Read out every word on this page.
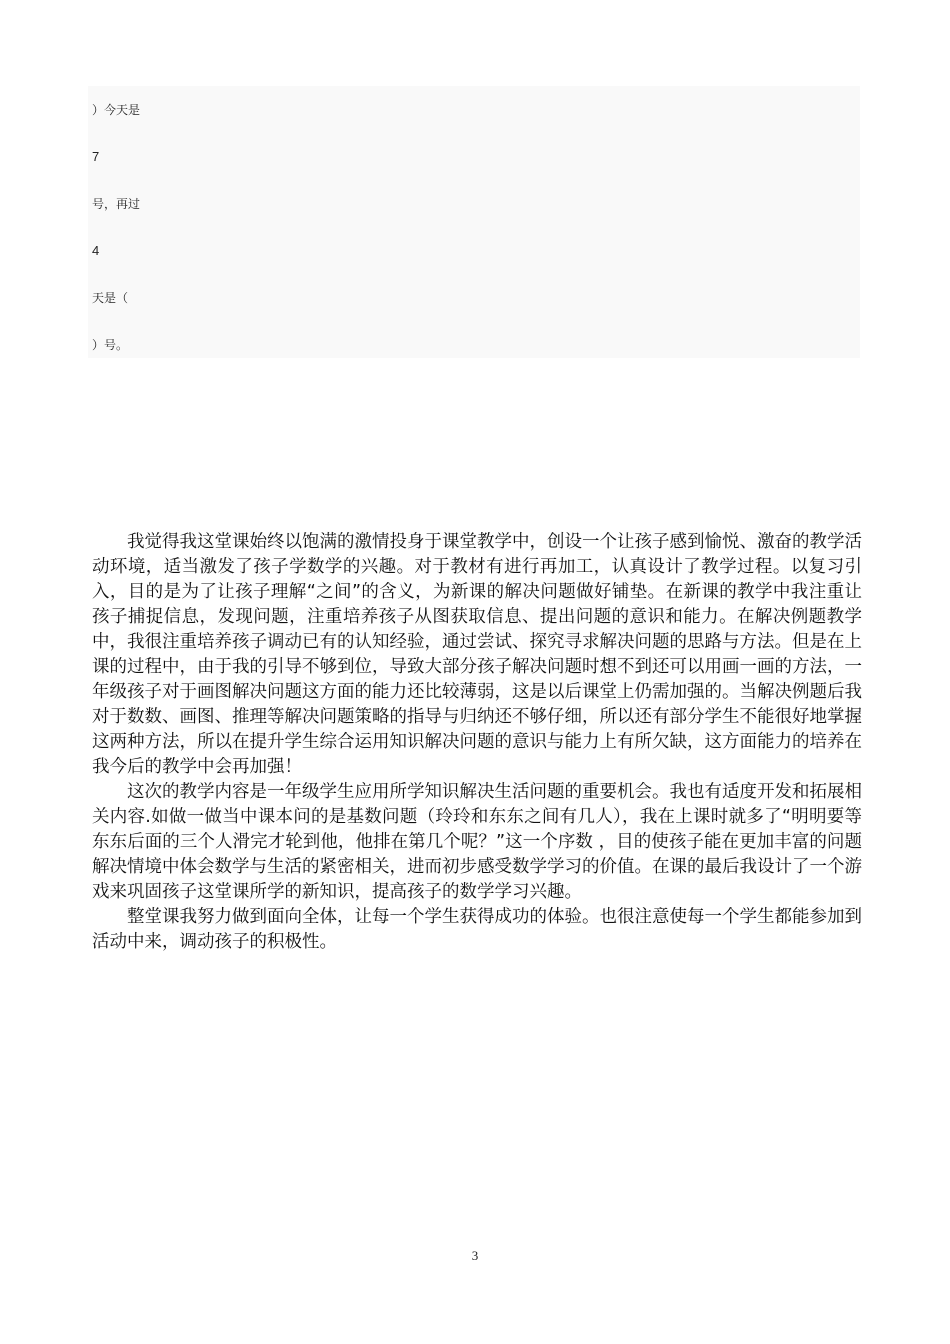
）今天是
7
号，再过
4
天是（
）号。

我觉得我这堂课始终以饱满的激情投身于课堂教学中，创设一个让孩子感到愉悦、激奋的教学活动环境，适当激发了孩子学数学的兴趣。对于教材有进行再加工，认真设计了教学过程。以复习引入，目的是为了让孩子理解“之间”的含义，为新课的解决问题做好铺垫。在新课的教学中我注重让孩子捕捉信息，发现问题，注重培养孩子从图获取信息、提出问题的意识和能力。在解决例题教学中，我很注重培养孩子调动已有的认知经验，通过尝试、探究寻求解决问题的思路与方法。但是在上课的过程中，由于我的引导不够到位，导致大部分孩子解决问题时想不到还可以用画一画的方法，一年级孩子对于画图解决问题这方面的能力还比较薄弱，这是以后课堂上仍需加强的。当解决例题后我对于数数、画图、推理等解决问题策略的指导与归纳还不够仔细，所以还有部分学生不能很好地掌握这两种方法，所以在提升学生综合运用知识解决问题的意识与能力上有所欠缺，这方面能力的培养在我今后的教学中会再加强！

这次的教学内容是一年级学生应用所学知识解决生活问题的重要机会。我也有适度开发和拓展相关内容.如做一做当中课本问的是基数问题（玲玲和东东之间有几人），我在上课时就多了“明明要等东东后面的三个人滑完才轮到他，他排在第几个呢？”这一个序数 ，目的使孩子能在更加丰富的问题解决情境中体会数学与生活的紧密相关，进而初步感受数学学习的价值。在课的最后我设计了一个游戏来巩固孩子这堂课所学的新知识，提高孩子的数学学习兴趣。

整堂课我努力做到面向全体，让每一个学生获得成功的体验。也很注意使每一个学生都能参加到活动中来，调动孩子的积极性。

3
